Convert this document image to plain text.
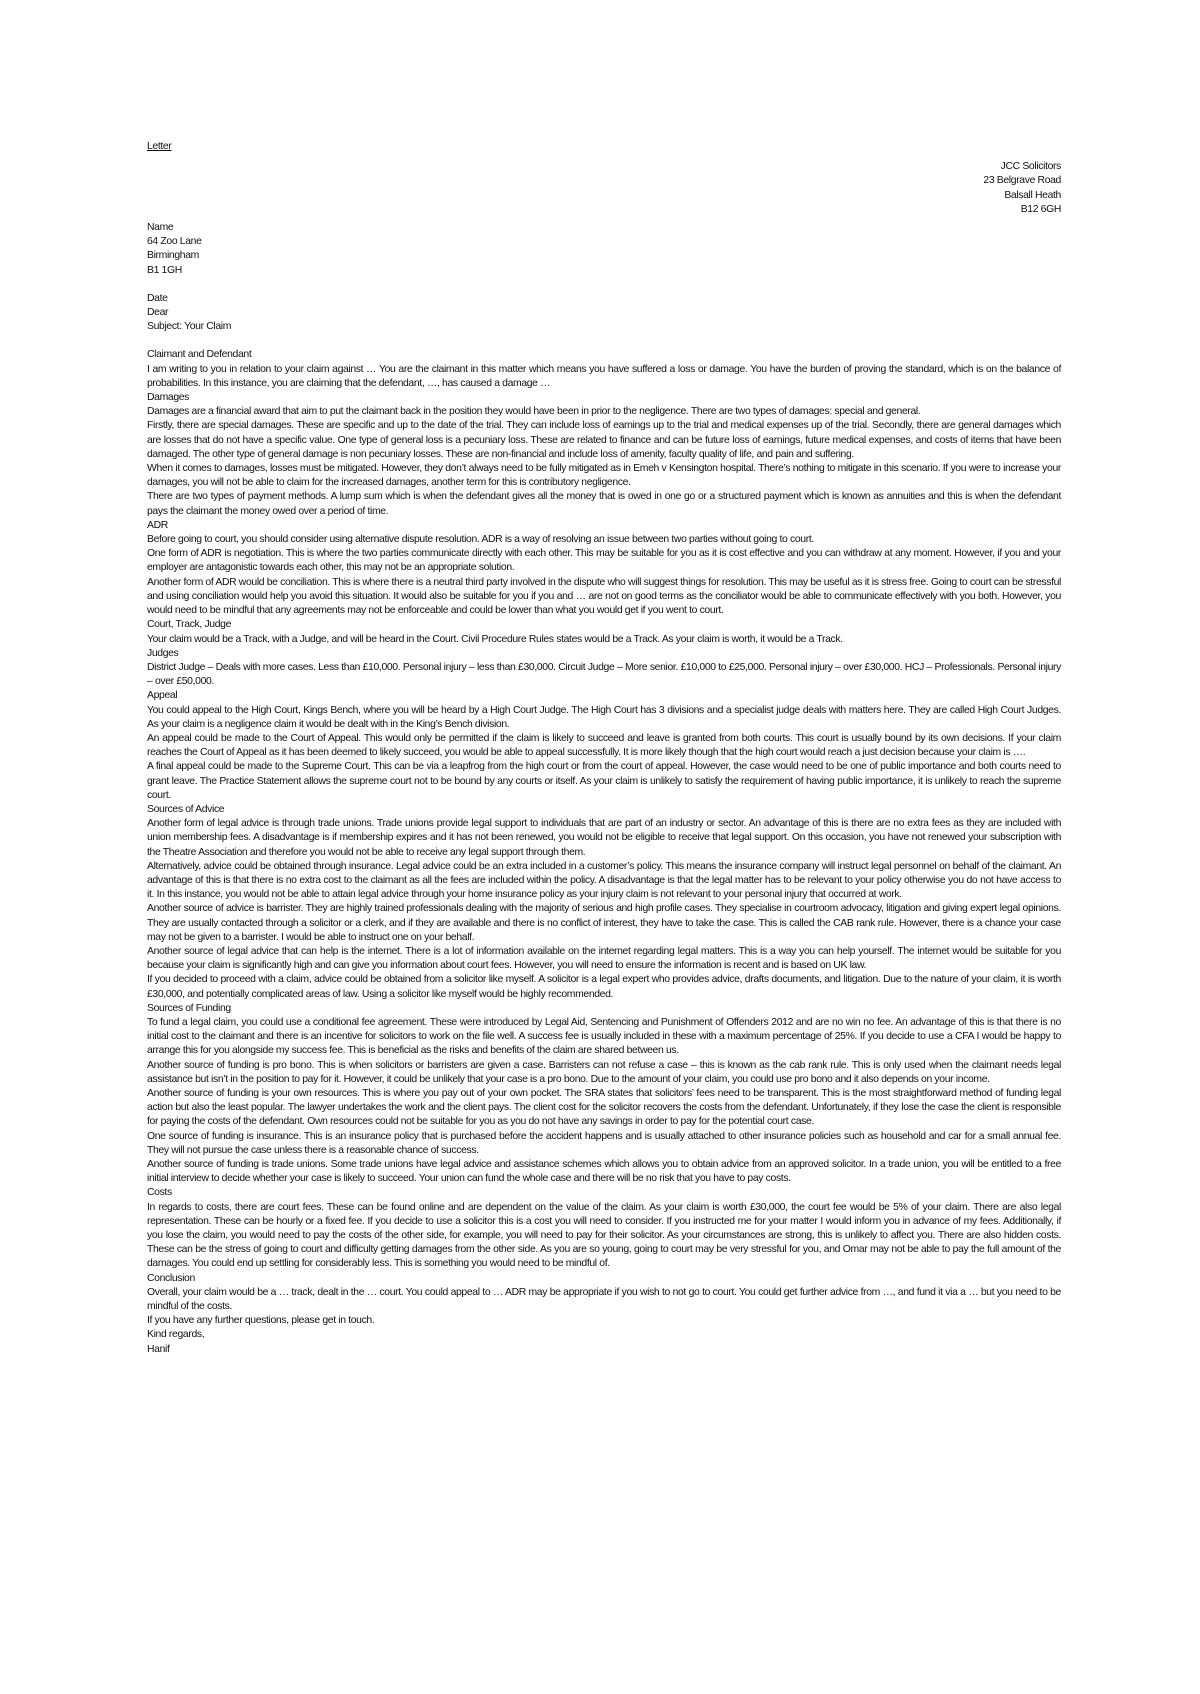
Letter
JCC Solicitors
23 Belgrave Road
Balsall Heath
B12 6GH
Name
64 Zoo Lane
Birmingham
B1 1GH
Date
Dear
Subject: Your Claim
Claimant and Defendant
I am writing to you in relation to your claim against … You are the claimant in this matter which means you have suffered a loss or damage. You have the burden of proving the standard, which is on the balance of probabilities. In this instance, you are claiming that the defendant, …, has caused a damage …
Damages
Damages are a financial award that aim to put the claimant back in the position they would have been in prior to the negligence. There are two types of damages: special and general.
Firstly, there are special damages. These are specific and up to the date of the trial. They can include loss of earnings up to the trial and medical expenses up of the trial. Secondly, there are general damages which are losses that do not have a specific value. One type of general loss is a pecuniary loss. These are related to finance and can be future loss of earnings, future medical expenses, and costs of items that have been damaged. The other type of general damage is non pecuniary losses. These are non-financial and include loss of amenity, faculty quality of life, and pain and suffering.
When it comes to damages, losses must be mitigated. However, they don’t always need to be fully mitigated as in Emeh v Kensington hospital. There’s nothing to mitigate in this scenario. If you were to increase your damages, you will not be able to claim for the increased damages, another term for this is contributory negligence.
There are two types of payment methods. A lump sum which is when the defendant gives all the money that is owed in one go or a structured payment which is known as annuities and this is when the defendant pays the claimant the money owed over a period of time.
ADR
Before going to court, you should consider using alternative dispute resolution. ADR is a way of resolving an issue between two parties without going to court.
One form of ADR is negotiation. This is where the two parties communicate directly with each other. This may be suitable for you as it is cost effective and you can withdraw at any moment. However, if you and your employer are antagonistic towards each other, this may not be an appropriate solution.
Another form of ADR would be conciliation. This is where there is a neutral third party involved in the dispute who will suggest things for resolution. This may be useful as it is stress free. Going to court can be stressful and using conciliation would help you avoid this situation. It would also be suitable for you if you and … are not on good terms as the conciliator would be able to communicate effectively with you both. However, you would need to be mindful that any agreements may not be enforceable and could be lower than what you would get if you went to court.
Court, Track, Judge
Your claim would be a Track, with a Judge, and will be heard in the Court. Civil Procedure Rules states would be a Track. As your claim is worth, it would be a Track.
Judges
District Judge – Deals with more cases. Less than £10,000. Personal injury – less than £30,000. Circuit Judge – More senior. £10,000 to £25,000. Personal injury – over £30,000. HCJ – Professionals. Personal injury – over £50,000.
Appeal
You could appeal to the High Court, Kings Bench, where you will be heard by a High Court Judge. The High Court has 3 divisions and a specialist judge deals with matters here. They are called High Court Judges. As your claim is a negligence claim it would be dealt with in the King’s Bench division.
An appeal could be made to the Court of Appeal. This would only be permitted if the claim is likely to succeed and leave is granted from both courts. This court is usually bound by its own decisions. If your claim reaches the Court of Appeal as it has been deemed to likely succeed, you would be able to appeal successfully. It is more likely though that the high court would reach a just decision because your claim is ….
A final appeal could be made to the Supreme Court. This can be via a leapfrog from the high court or from the court of appeal. However, the case would need to be one of public importance and both courts need to grant leave. The Practice Statement allows the supreme court not to be bound by any courts or itself. As your claim is unlikely to satisfy the requirement of having public importance, it is unlikely to reach the supreme court.
Sources of Advice
Another form of legal advice is through trade unions. Trade unions provide legal support to individuals that are part of an industry or sector. An advantage of this is there are no extra fees as they are included with union membership fees. A disadvantage is if membership expires and it has not been renewed, you would not be eligible to receive that legal support. On this occasion, you have not renewed your subscription with the Theatre Association and therefore you would not be able to receive any legal support through them.
Alternatively, advice could be obtained through insurance. Legal advice could be an extra included in a customer’s policy. This means the insurance company will instruct legal personnel on behalf of the claimant. An advantage of this is that there is no extra cost to the claimant as all the fees are included within the policy. A disadvantage is that the legal matter has to be relevant to your policy otherwise you do not have access to it. In this instance, you would not be able to attain legal advice through your home insurance policy as your injury claim is not relevant to your personal injury that occurred at work.
Another source of advice is barrister. They are highly trained professionals dealing with the majority of serious and high profile cases. They specialise in courtroom advocacy, litigation and giving expert legal opinions. They are usually contacted through a solicitor or a clerk, and if they are available and there is no conflict of interest, they have to take the case. This is called the CAB rank rule. However, there is a chance your case may not be given to a barrister. I would be able to instruct one on your behalf.
Another source of legal advice that can help is the internet. There is a lot of information available on the internet regarding legal matters. This is a way you can help yourself. The internet would be suitable for you because your claim is significantly high and can give you information about court fees. However, you will need to ensure the information is recent and is based on UK law.
If you decided to proceed with a claim, advice could be obtained from a solicitor like myself. A solicitor is a legal expert who provides advice, drafts documents, and litigation. Due to the nature of your claim, it is worth £30,000, and potentially complicated areas of law. Using a solicitor like myself would be highly recommended.
Sources of Funding
To fund a legal claim, you could use a conditional fee agreement. These were introduced by Legal Aid, Sentencing and Punishment of Offenders 2012 and are no win no fee. An advantage of this is that there is no initial cost to the claimant and there is an incentive for solicitors to work on the file well. A success fee is usually included in these with a maximum percentage of 25%. If you decide to use a CFA I would be happy to arrange this for you alongside my success fee. This is beneficial as the risks and benefits of the claim are shared between us.
Another source of funding is pro bono. This is when solicitors or barristers are given a case. Barristers can not refuse a case – this is known as the cab rank rule. This is only used when the claimant needs legal assistance but isn’t in the position to pay for it. However, it could be unlikely that your case is a pro bono. Due to the amount of your claim, you could use pro bono and it also depends on your income.
Another source of funding is your own resources. This is where you pay out of your own pocket. The SRA states that solicitors’ fees need to be transparent. This is the most straightforward method of funding legal action but also the least popular. The lawyer undertakes the work and the client pays. The client cost for the solicitor recovers the costs from the defendant. Unfortunately, if they lose the case the client is responsible for paying the costs of the defendant. Own resources could not be suitable for you as you do not have any savings in order to pay for the potential court case.
One source of funding is insurance. This is an insurance policy that is purchased before the accident happens and is usually attached to other insurance policies such as household and car for a small annual fee. They will not pursue the case unless there is a reasonable chance of success.
Another source of funding is trade unions. Some trade unions have legal advice and assistance schemes which allows you to obtain advice from an approved solicitor. In a trade union, you will be entitled to a free initial interview to decide whether your case is likely to succeed. Your union can fund the whole case and there will be no risk that you have to pay costs.
Costs
In regards to costs, there are court fees. These can be found online and are dependent on the value of the claim. As your claim is worth £30,000, the court fee would be 5% of your claim. There are also legal representation. These can be hourly or a fixed fee. If you decide to use a solicitor this is a cost you will need to consider. If you instructed me for your matter I would inform you in advance of my fees. Additionally, if you lose the claim, you would need to pay the costs of the other side, for example, you will need to pay for their solicitor. As your circumstances are strong, this is unlikely to affect you. There are also hidden costs. These can be the stress of going to court and difficulty getting damages from the other side. As you are so young, going to court may be very stressful for you, and Omar may not be able to pay the full amount of the damages. You could end up settling for considerably less. This is something you would need to be mindful of.
Conclusion
Overall, your claim would be a … track, dealt in the … court. You could appeal to … ADR may be appropriate if you wish to not go to court. You could get further advice from …, and fund it via a … but you need to be mindful of the costs.
If you have any further questions, please get in touch.
Kind regards,
Hanif
